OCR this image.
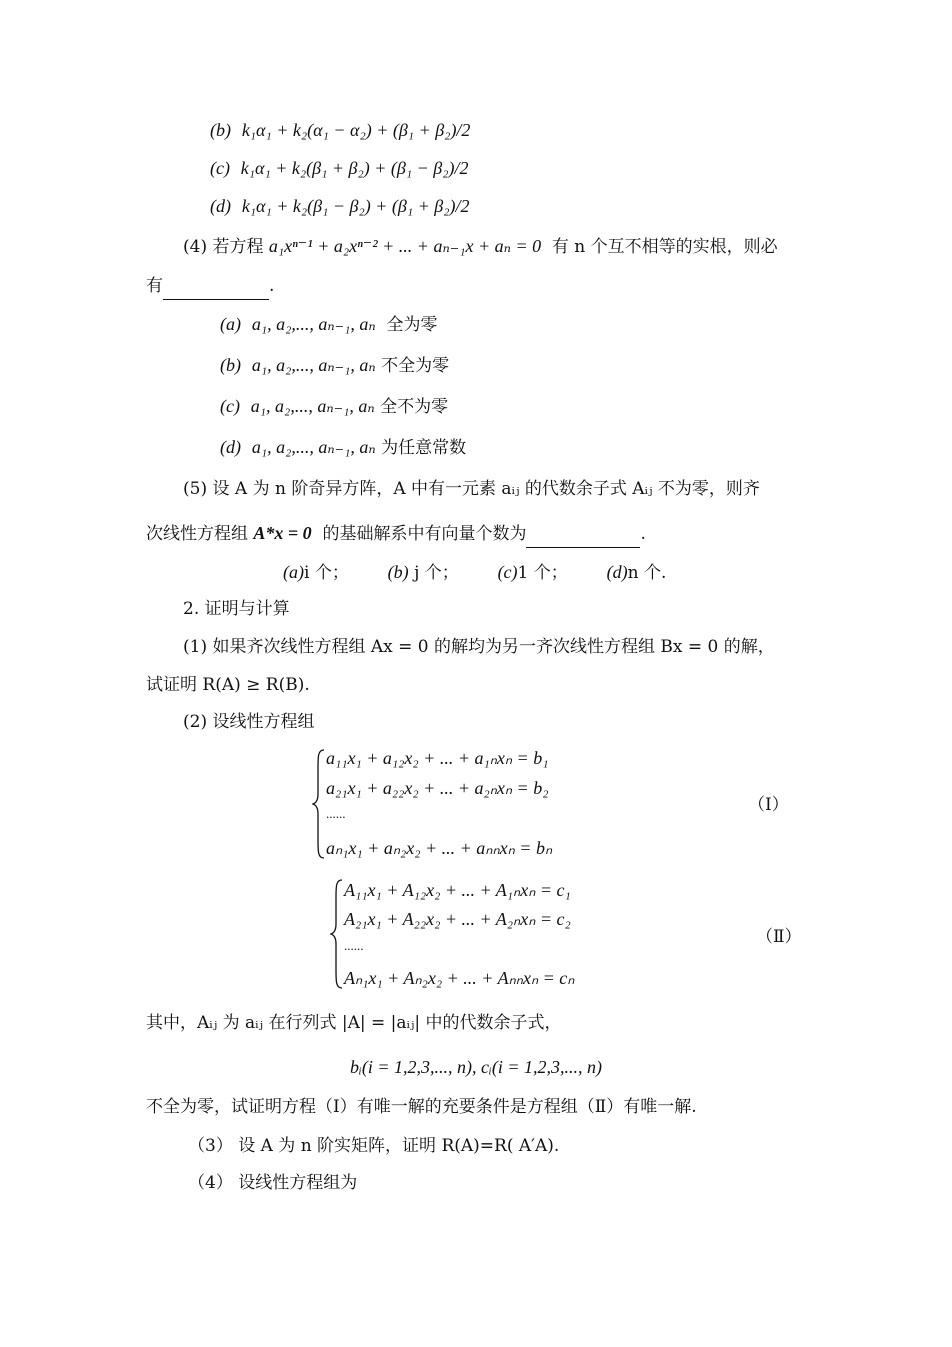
(b) k₁α₁ + k₂(α₁ − α₂) + (β₁ + β₂)/2
(c) k₁α₁ + k₂(β₁ + β₂) + (β₁ − β₂)/2
(d) k₁α₁ + k₂(β₁ − β₂) + (β₁ + β₂)/2
(4) 若方程 a₁xⁿ⁻¹ + a₂xⁿ⁻² + ... + aₙ₋₁x + aₙ = 0 有 n 个互不相等的实根，则必
有	.
(a) a₁, a₂,..., aₙ₋₁, aₙ 全为零
(b) a₁, a₂,..., aₙ₋₁, aₙ 不全为零
(c) a₁, a₂,..., aₙ₋₁, aₙ 全不为零
(d) a₁, a₂,..., aₙ₋₁, aₙ 为任意常数
(5) 设 A 为 n 阶奇异方阵，A 中有一元素 aᵢⱼ 的代数余子式 Aᵢⱼ 不为零，则齐
次线性方程组 A*x = 0 的基础解系中有向量个数为	.
(a)i 个； (b) j 个； (c)1 个； (d)n 个.
2. 证明与计算
(1) 如果齐次线性方程组 Ax = 0 的解均为另一齐次线性方程组 Bx = 0 的解，
试证明 R(A) ≥ R(B).
(2) 设线性方程组
a₁₁x₁ + a₁₂x₂ + ... + a₁ₙxₙ = b₁
a₂₁x₁ + a₂₂x₂ + ... + a₂ₙxₙ = b₂
......
aₙ₁x₁ + aₙ₂x₂ + ... + aₙₙxₙ = bₙ
（Ⅰ）
A₁₁x₁ + A₁₂x₂ + ... + A₁ₙxₙ = c₁
A₂₁x₁ + A₂₂x₂ + ... + A₂ₙxₙ = c₂
......
Aₙ₁x₁ + Aₙ₂x₂ + ... + Aₙₙxₙ = cₙ
（Ⅱ）
其中，Aᵢⱼ 为 aᵢⱼ 在行列式 |A| = |aᵢⱼ| 中的代数余子式，
bᵢ(i = 1,2,3,..., n), cᵢ(i = 1,2,3,..., n)
不全为零，试证明方程（Ⅰ）有唯一解的充要条件是方程组（Ⅱ）有唯一解.
（3） 设 A 为 n 阶实矩阵，证明 R(A)=R( A′A).
（4） 设线性方程组为
